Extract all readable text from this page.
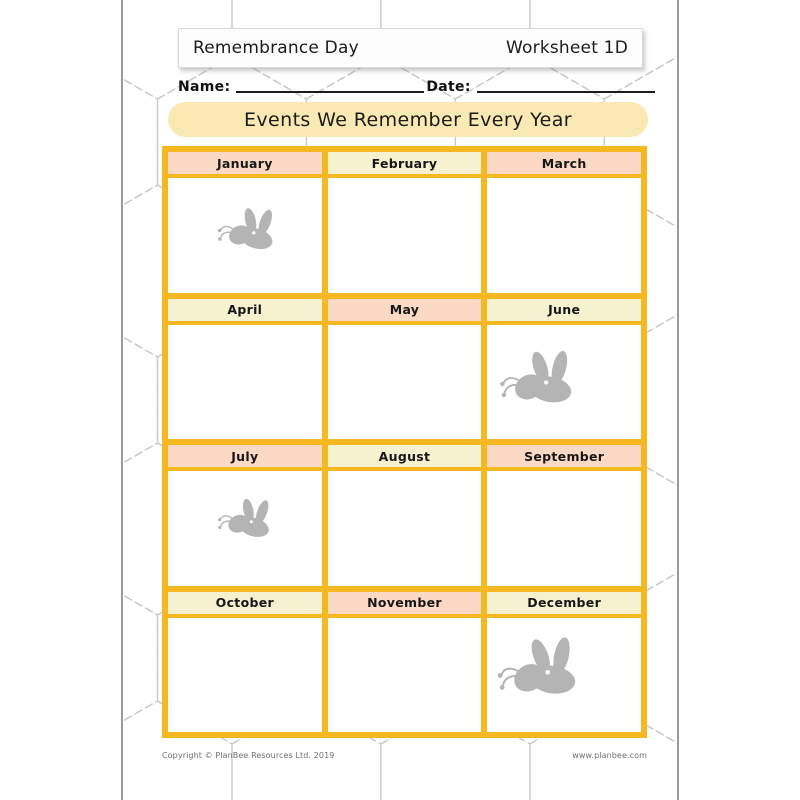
Remembrance Day	Worksheet 1D
Name:	Date:
Events We Remember Every Year
January	February	March
April	May	June
July	August	September
October	November	December
Copyright © PlanBee Resources Ltd. 2019	www.planbee.com
